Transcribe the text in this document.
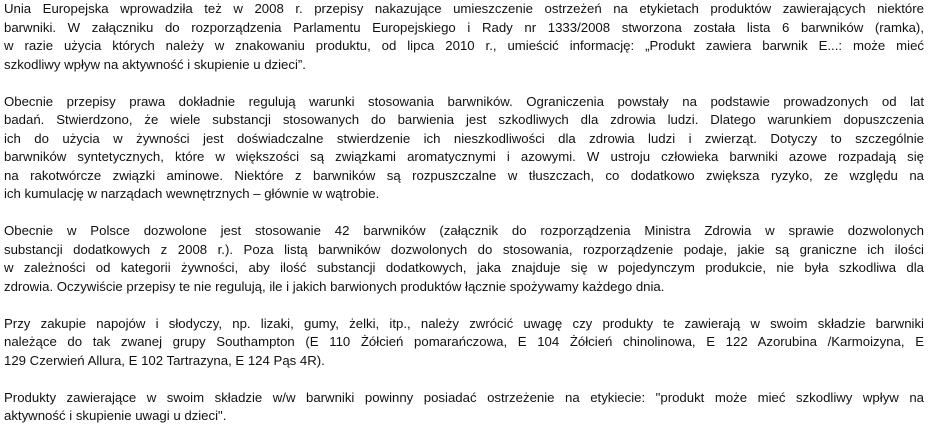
Unia Europejska wprowadziła też w 2008 r. przepisy nakazujące umieszczenie ostrzeżeń na etykietach produktów zawierających niektóre
barwniki. W załączniku do rozporządzenia Parlamentu Europejskiego i Rady nr 1333/2008 stworzona została lista 6 barwników (ramka),
w razie użycia których należy w znakowaniu produktu, od lipca 2010 r., umieścić informację: „Produkt zawiera barwnik E...: może mieć
szkodliwy wpływ na aktywność i skupienie u dzieci”.

Obecnie przepisy prawa dokładnie regulują warunki stosowania barwników. Ograniczenia powstały na podstawie prowadzonych od lat
badań. Stwierdzono, że wiele substancji stosowanych do barwienia jest szkodliwych dla zdrowia ludzi. Dlatego warunkiem dopuszczenia
ich do użycia w żywności jest doświadczalne stwierdzenie ich nieszkodliwości dla zdrowia ludzi i zwierząt. Dotyczy to szczególnie
barwników syntetycznych, które w większości są związkami aromatycznymi i azowymi. W ustroju człowieka barwniki azowe rozpadają się
na rakotwórcze związki aminowe. Niektóre z barwników są rozpuszczalne w tłuszczach, co dodatkowo zwiększa ryzyko, ze względu na
ich kumulację w narządach wewnętrznych – głównie w wątrobie.

Obecnie w Polsce dozwolone jest stosowanie 42 barwników (załącznik do rozporządzenia Ministra Zdrowia w sprawie dozwolonych
substancji dodatkowych z 2008 r.). Poza listą barwników dozwolonych do stosowania, rozporządzenie podaje, jakie są graniczne ich ilości
w zależności od kategorii żywności, aby ilość substancji dodatkowych, jaka znajduje się w pojedynczym produkcie, nie była szkodliwa dla
zdrowia. Oczywiście przepisy te nie regulują, ile i jakich barwionych produktów łącznie spożywamy każdego dnia.

Przy zakupie napojów i słodyczy, np. lizaki, gumy, żelki, itp., należy zwrócić uwagę czy produkty te zawierają w swoim składzie barwniki
należące do tak zwanej grupy Southampton (E 110 Żółcień pomarańczowa, E 104 Żółcień chinolinowa, E 122 Azorubina /Karmoizyna, E
129 Czerwień Allura, E 102 Tartrazyna, E 124 Pąs 4R).

Produkty zawierające w swoim składzie w/w barwniki powinny posiadać ostrzeżenie na etykiecie: "produkt może mieć szkodliwy wpływ na
aktywność i skupienie uwagi u dzieci".
